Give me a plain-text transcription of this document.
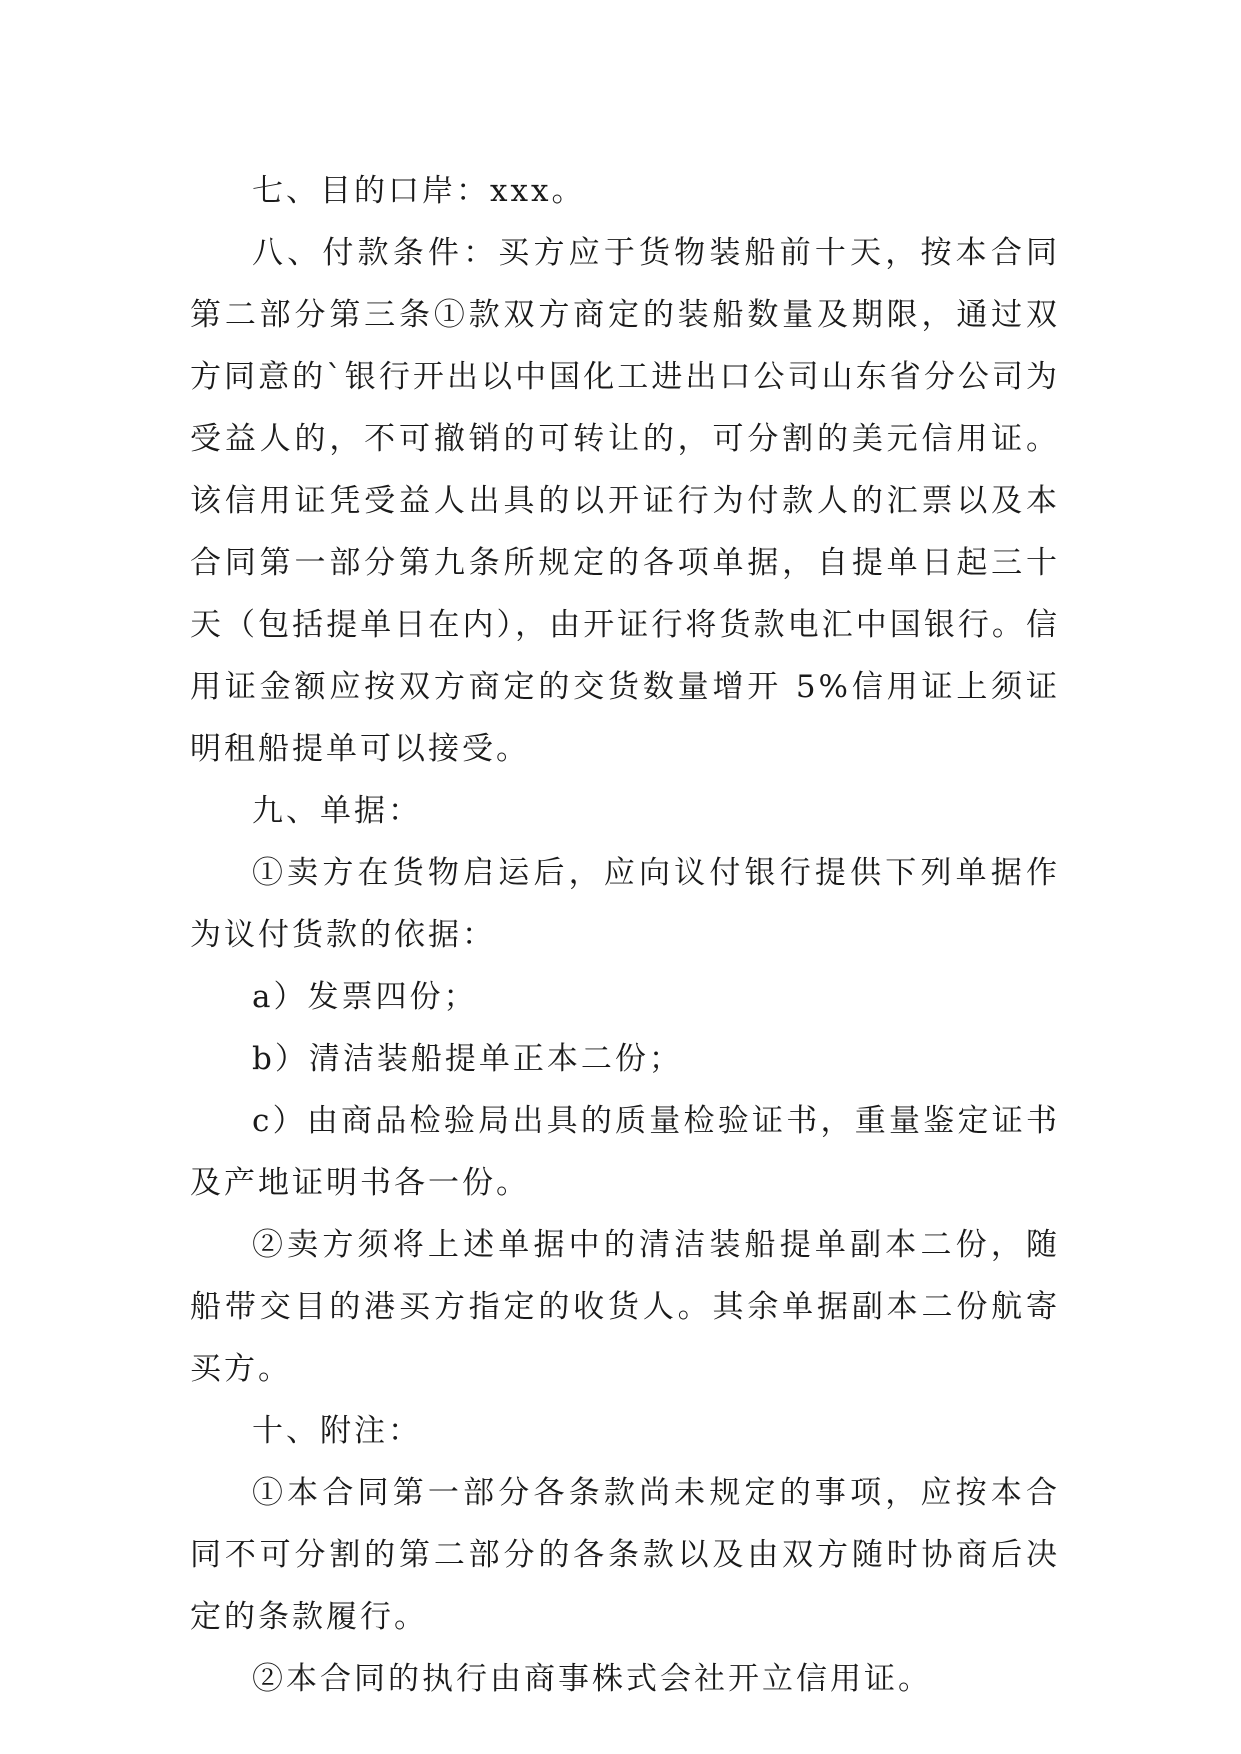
七、目的口岸：xxx。

八、付款条件：买方应于货物装船前十天，按本合同第二部分第三条①款双方商定的装船数量及期限，通过双方同意的`银行开出以中国化工进出口公司山东省分公司为受益人的，不可撤销的可转让的，可分割的美元信用证。该信用证凭受益人出具的以开证行为付款人的汇票以及本合同第一部分第九条所规定的各项单据，自提单日起三十天（包括提单日在内），由开证行将货款电汇中国银行。信用证金额应按双方商定的交货数量增开 5%信用证上须证明租船提单可以接受。

九、单据：

①卖方在货物启运后，应向议付银行提供下列单据作为议付货款的依据：

a）发票四份；

b）清洁装船提单正本二份；

c）由商品检验局出具的质量检验证书，重量鉴定证书及产地证明书各一份。

②卖方须将上述单据中的清洁装船提单副本二份，随船带交目的港买方指定的收货人。其余单据副本二份航寄买方。

十、附注：

①本合同第一部分各条款尚未规定的事项，应按本合同不可分割的第二部分的各条款以及由双方随时协商后决定的条款履行。

②本合同的执行由商事株式会社开立信用证。
